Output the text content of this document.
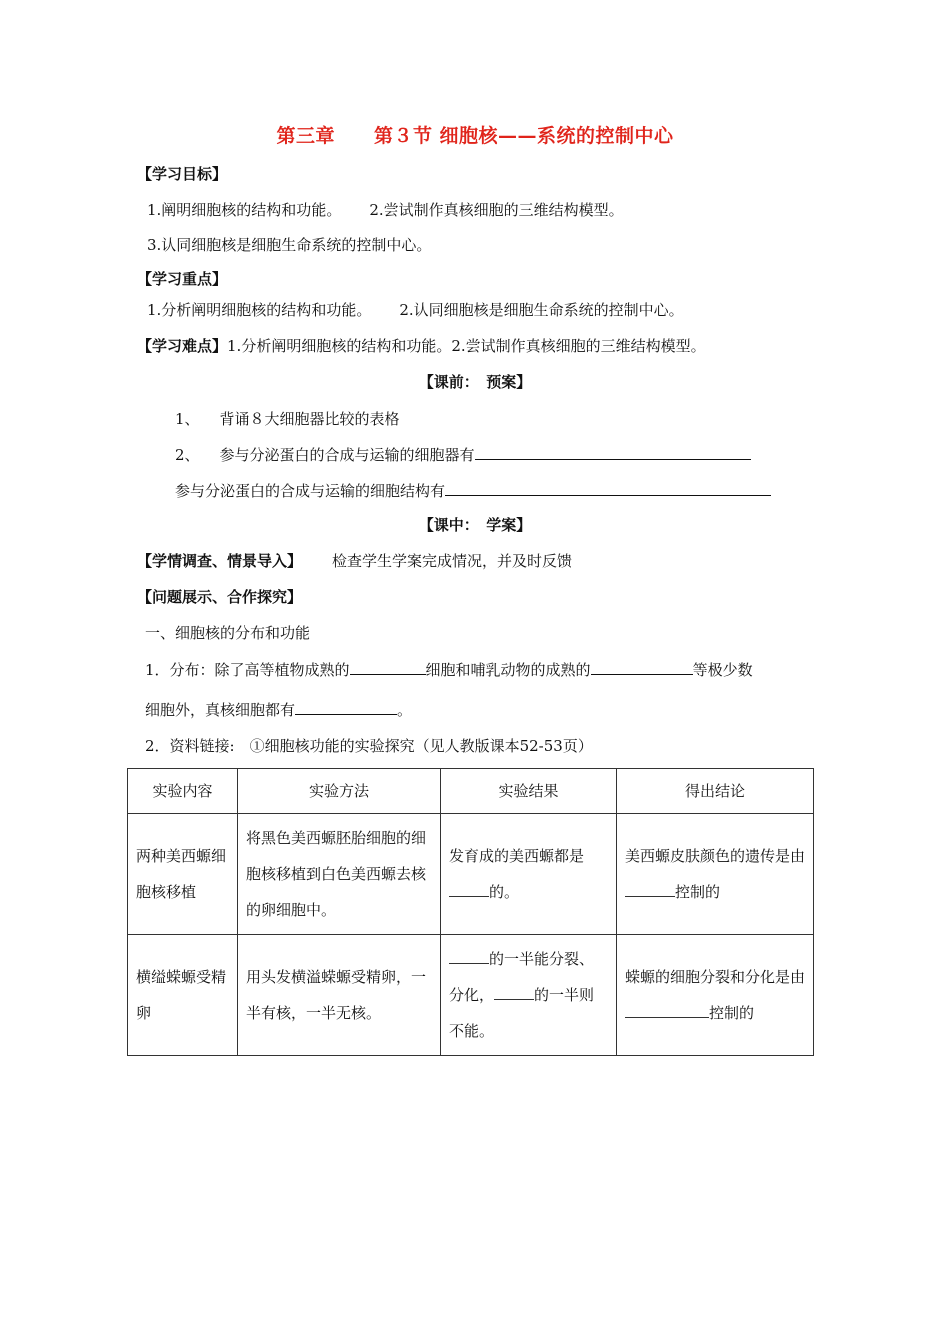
第三章　　第３节 细胞核——系统的控制中心
【学习目标】
1.阐明细胞核的结构和功能。 2.尝试制作真核细胞的三维结构模型。
3.认同细胞核是细胞生命系统的控制中心。
【学习重点】
1.分析阐明细胞核的结构和功能。 2.认同细胞核是细胞生命系统的控制中心。
【学习难点】1.分析阐明细胞核的结构和功能。2.尝试制作真核细胞的三维结构模型。
【课前：　预案】
1、 背诵８大细胞器比较的表格
2、 参与分泌蛋白的合成与运输的细胞器有
参与分泌蛋白的合成与运输的细胞结构有
【课中：　学案】
【学情调查、情景导入】 检查学生学案完成情况，并及时反馈
【问题展示、合作探究】
一、细胞核的分布和功能
1．分布：除了高等植物成熟的	细胞和哺乳动物的成熟的	等极少数
细胞外，真核细胞都有	。
2．资料链接:　①细胞核功能的实验探究（见人教版课本52-53页）
实验内容	实验方法	实验结果	得出结论
两种美西螈细胞核移植	将黑色美西螈胚胎细胞的细胞核移植到白色美西螈去核的卵细胞中。	发育成的美西螈都是的。	美西螈皮肤颜色的遗传是由控制的
横缢蝾螈受精卵	用头发横溢蝾螈受精卵，一半有核，一半无核。	的一半能分裂、分化， 的一半则不能。	蝾螈的细胞分裂和分化是由控制的
